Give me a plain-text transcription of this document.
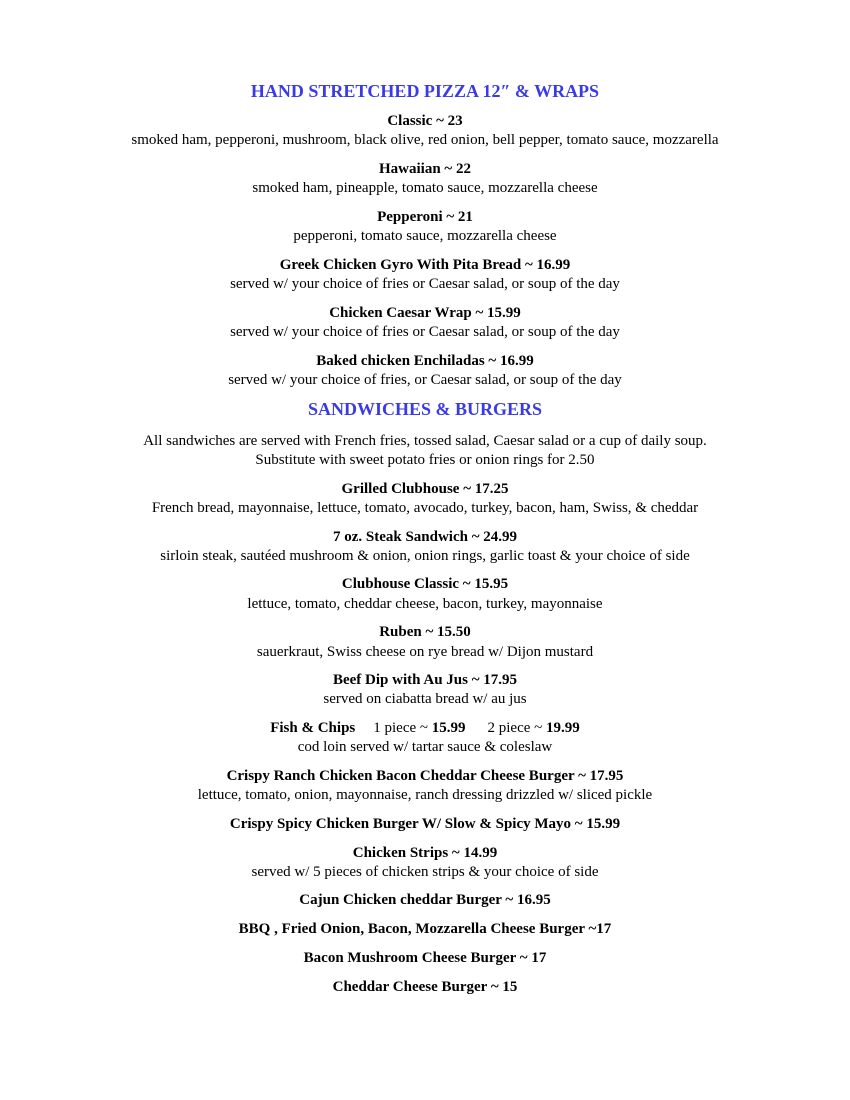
HAND STRETCHED PIZZA 12″ & WRAPS
Classic ~ 23
smoked ham, pepperoni, mushroom, black olive, red onion, bell pepper, tomato sauce, mozzarella
Hawaiian ~ 22
smoked ham, pineapple, tomato sauce, mozzarella cheese
Pepperoni ~ 21
pepperoni, tomato sauce, mozzarella cheese
Greek Chicken Gyro With Pita Bread ~ 16.99
served w/ your choice of fries or Caesar salad, or soup of the day
Chicken Caesar Wrap ~ 15.99
served w/ your choice of fries or Caesar salad, or soup of the day
Baked chicken Enchiladas ~ 16.99
served w/ your choice of fries, or Caesar salad, or soup of the day
SANDWICHES & BURGERS
All sandwiches are served with French fries, tossed salad, Caesar salad or a cup of daily soup.
Substitute with sweet potato fries or onion rings for 2.50
Grilled Clubhouse ~ 17.25
French bread, mayonnaise, lettuce, tomato, avocado, turkey, bacon, ham, Swiss, & cheddar
7 oz. Steak Sandwich ~ 24.99
sirloin steak, sautéed mushroom & onion, onion rings, garlic toast & your choice of side
Clubhouse Classic ~ 15.95
lettuce, tomato, cheddar cheese, bacon, turkey, mayonnaise
Ruben ~ 15.50
sauerkraut, Swiss cheese on rye bread w/ Dijon mustard
Beef Dip with Au Jus ~ 17.95
served on ciabatta bread w/ au jus
Fish & Chips 1 piece ~ 15.99 2 piece ~ 19.99
cod loin served w/ tartar sauce & coleslaw
Crispy Ranch Chicken Bacon Cheddar Cheese Burger ~ 17.95
lettuce, tomato, onion, mayonnaise, ranch dressing drizzled w/ sliced pickle
Crispy Spicy Chicken Burger W/ Slow & Spicy Mayo ~ 15.99
Chicken Strips ~ 14.99
served w/ 5 pieces of chicken strips & your choice of side
Cajun Chicken cheddar Burger ~ 16.95
BBQ , Fried Onion, Bacon, Mozzarella Cheese Burger ~17
Bacon Mushroom Cheese Burger ~ 17
Cheddar Cheese Burger ~ 15
